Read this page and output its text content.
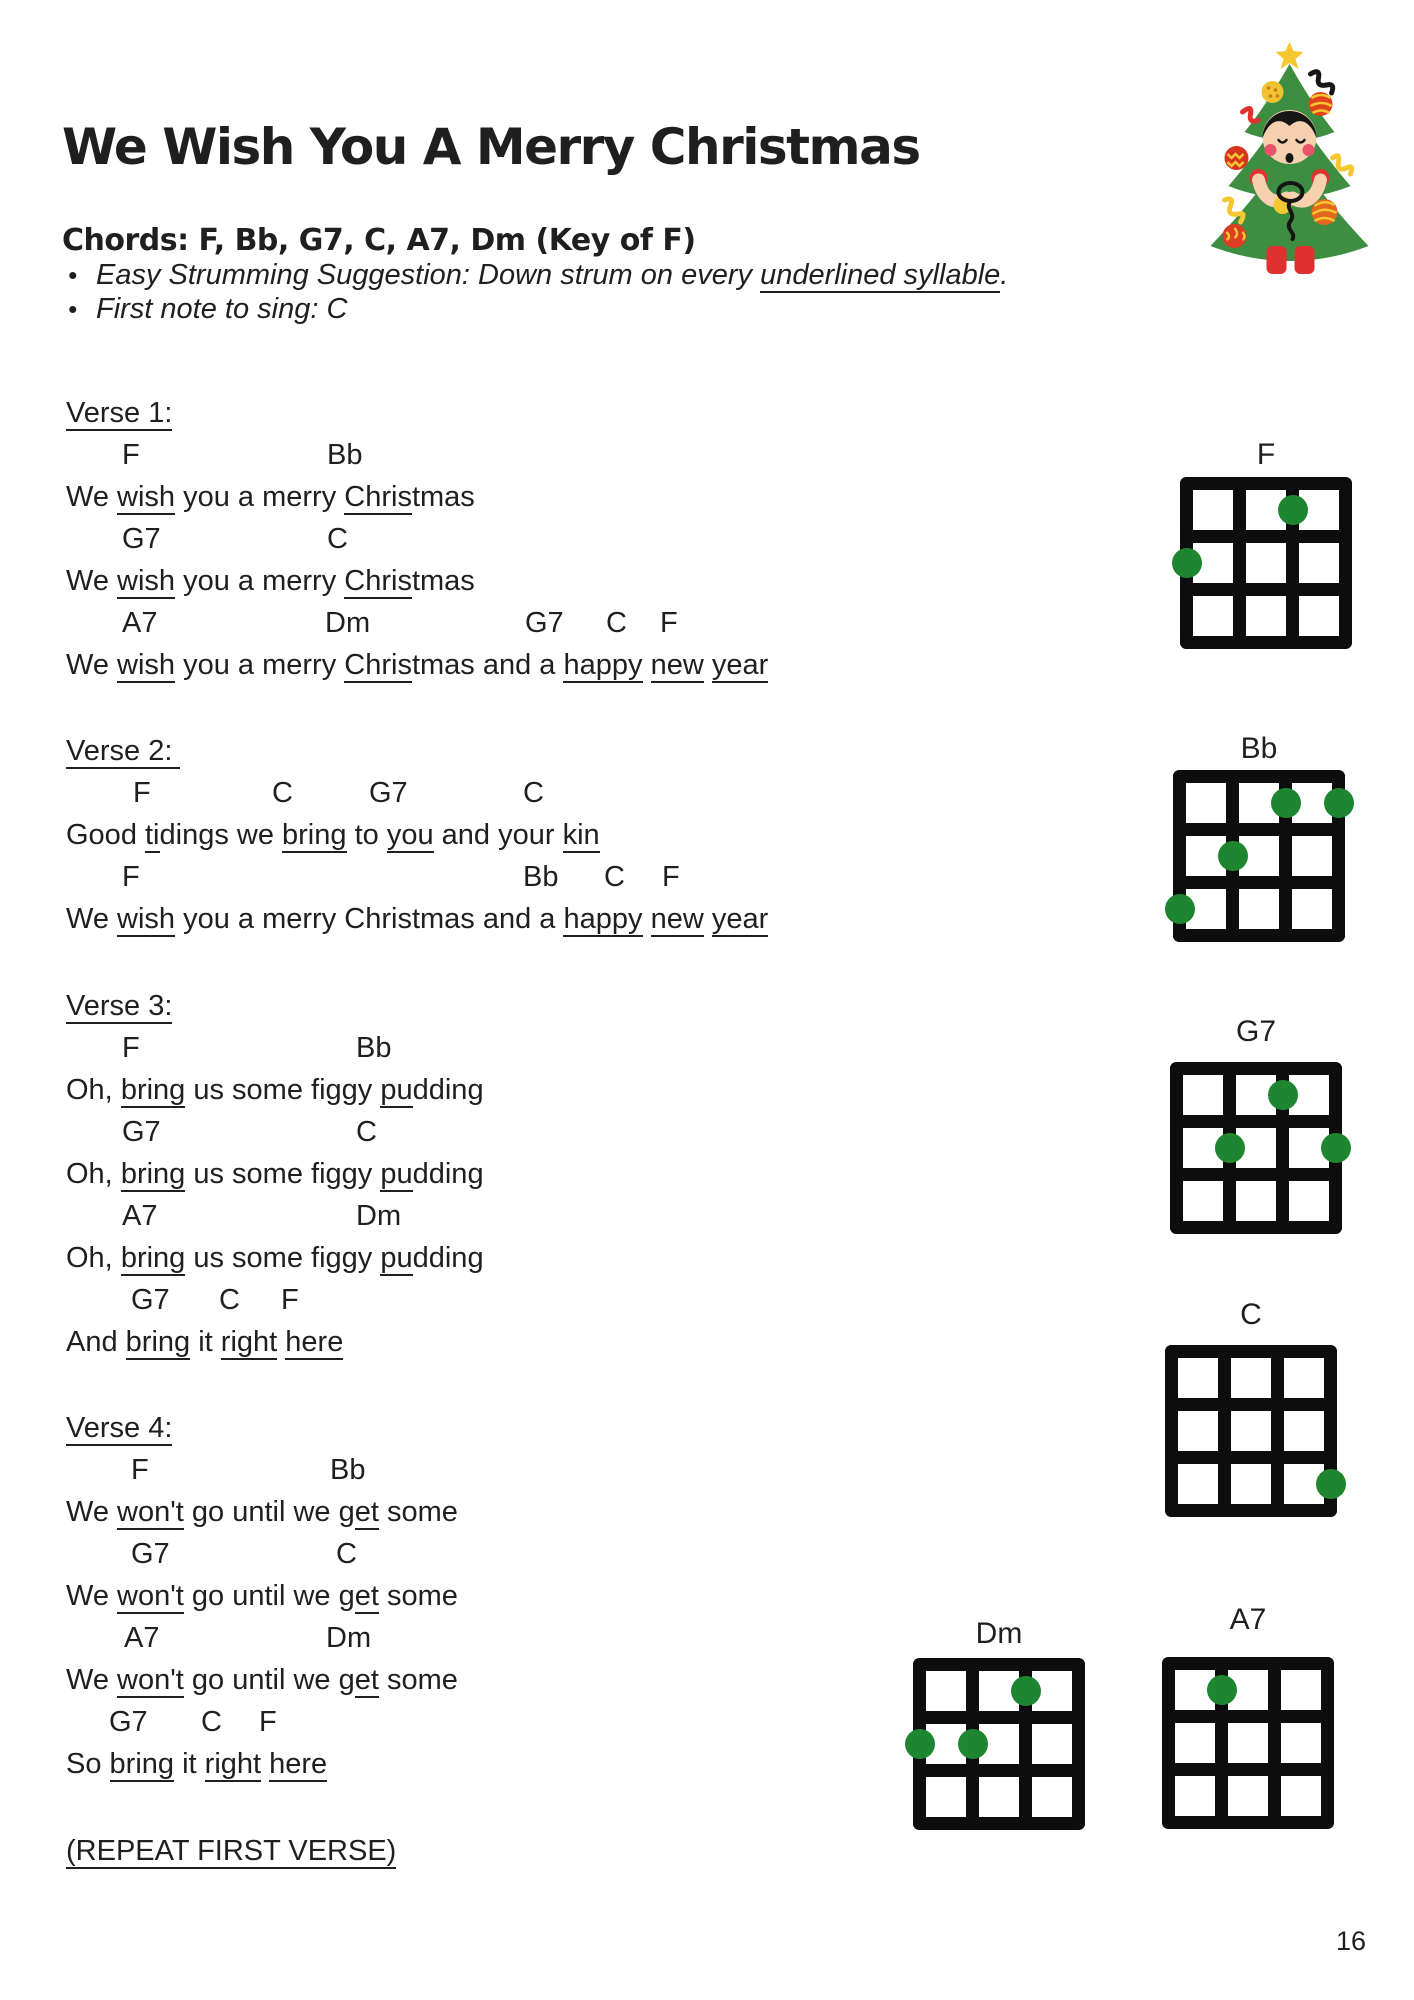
We Wish You A Merry Christmas
Chords: F, Bb, G7, C, A7, Dm (Key of F)
• Easy Strumming Suggestion: Down strum on every underlined syllable.
• First note to sing: C
Verse 1:
F	Bb
We wish you a merry Christmas
G7	C
We wish you a merry Christmas
A7	Dm	G7 C F
We wish you a merry Christmas and a happy new year
Verse 2:
F	C	G7	C
Good tidings we bring to you and your kin
F	Bb C F
We wish you a merry Christmas and a happy new year
Verse 3:
F	Bb
Oh, bring us some figgy pudding
G7	C
Oh, bring us some figgy pudding
A7	Dm
Oh, bring us some figgy pudding
G7 C F
And bring it right here
Verse 4:
F	Bb
We won't go until we get some
G7	C
We won't go until we get some
A7	Dm
We won't go until we get some
G7 C F
So bring it right here
(REPEAT FIRST VERSE)
F
Bb
G7
C
Dm	A7
16
